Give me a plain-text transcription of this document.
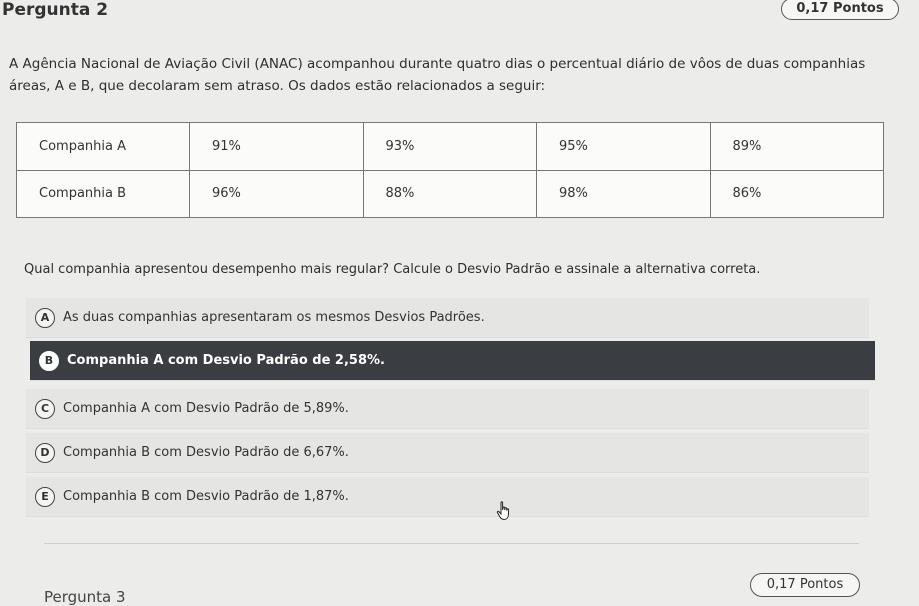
Pergunta 2	0,17 Pontos
A Agência Nacional de Aviação Civil (ANAC) acompanhou durante quatro dias o percentual diário de vôos de duas companhias
áreas, A e B, que decolaram sem atraso. Os dados estão relacionados a seguir:
Companhia A	91%	93%	95%	89%
Companhia B	96%	88%	98%	86%
Qual companhia apresentou desempenho mais regular? Calcule o Desvio Padrão e assinale a alternativa correta.
A	As duas companhias apresentaram os mesmos Desvios Padrões.
B	Companhia A com Desvio Padrão de 2,58%.
C	Companhia A com Desvio Padrão de 5,89%.
D	Companhia B com Desvio Padrão de 6,67%.
E	Companhia B com Desvio Padrão de 1,87%.
Pergunta 3
0,17 Pontos
